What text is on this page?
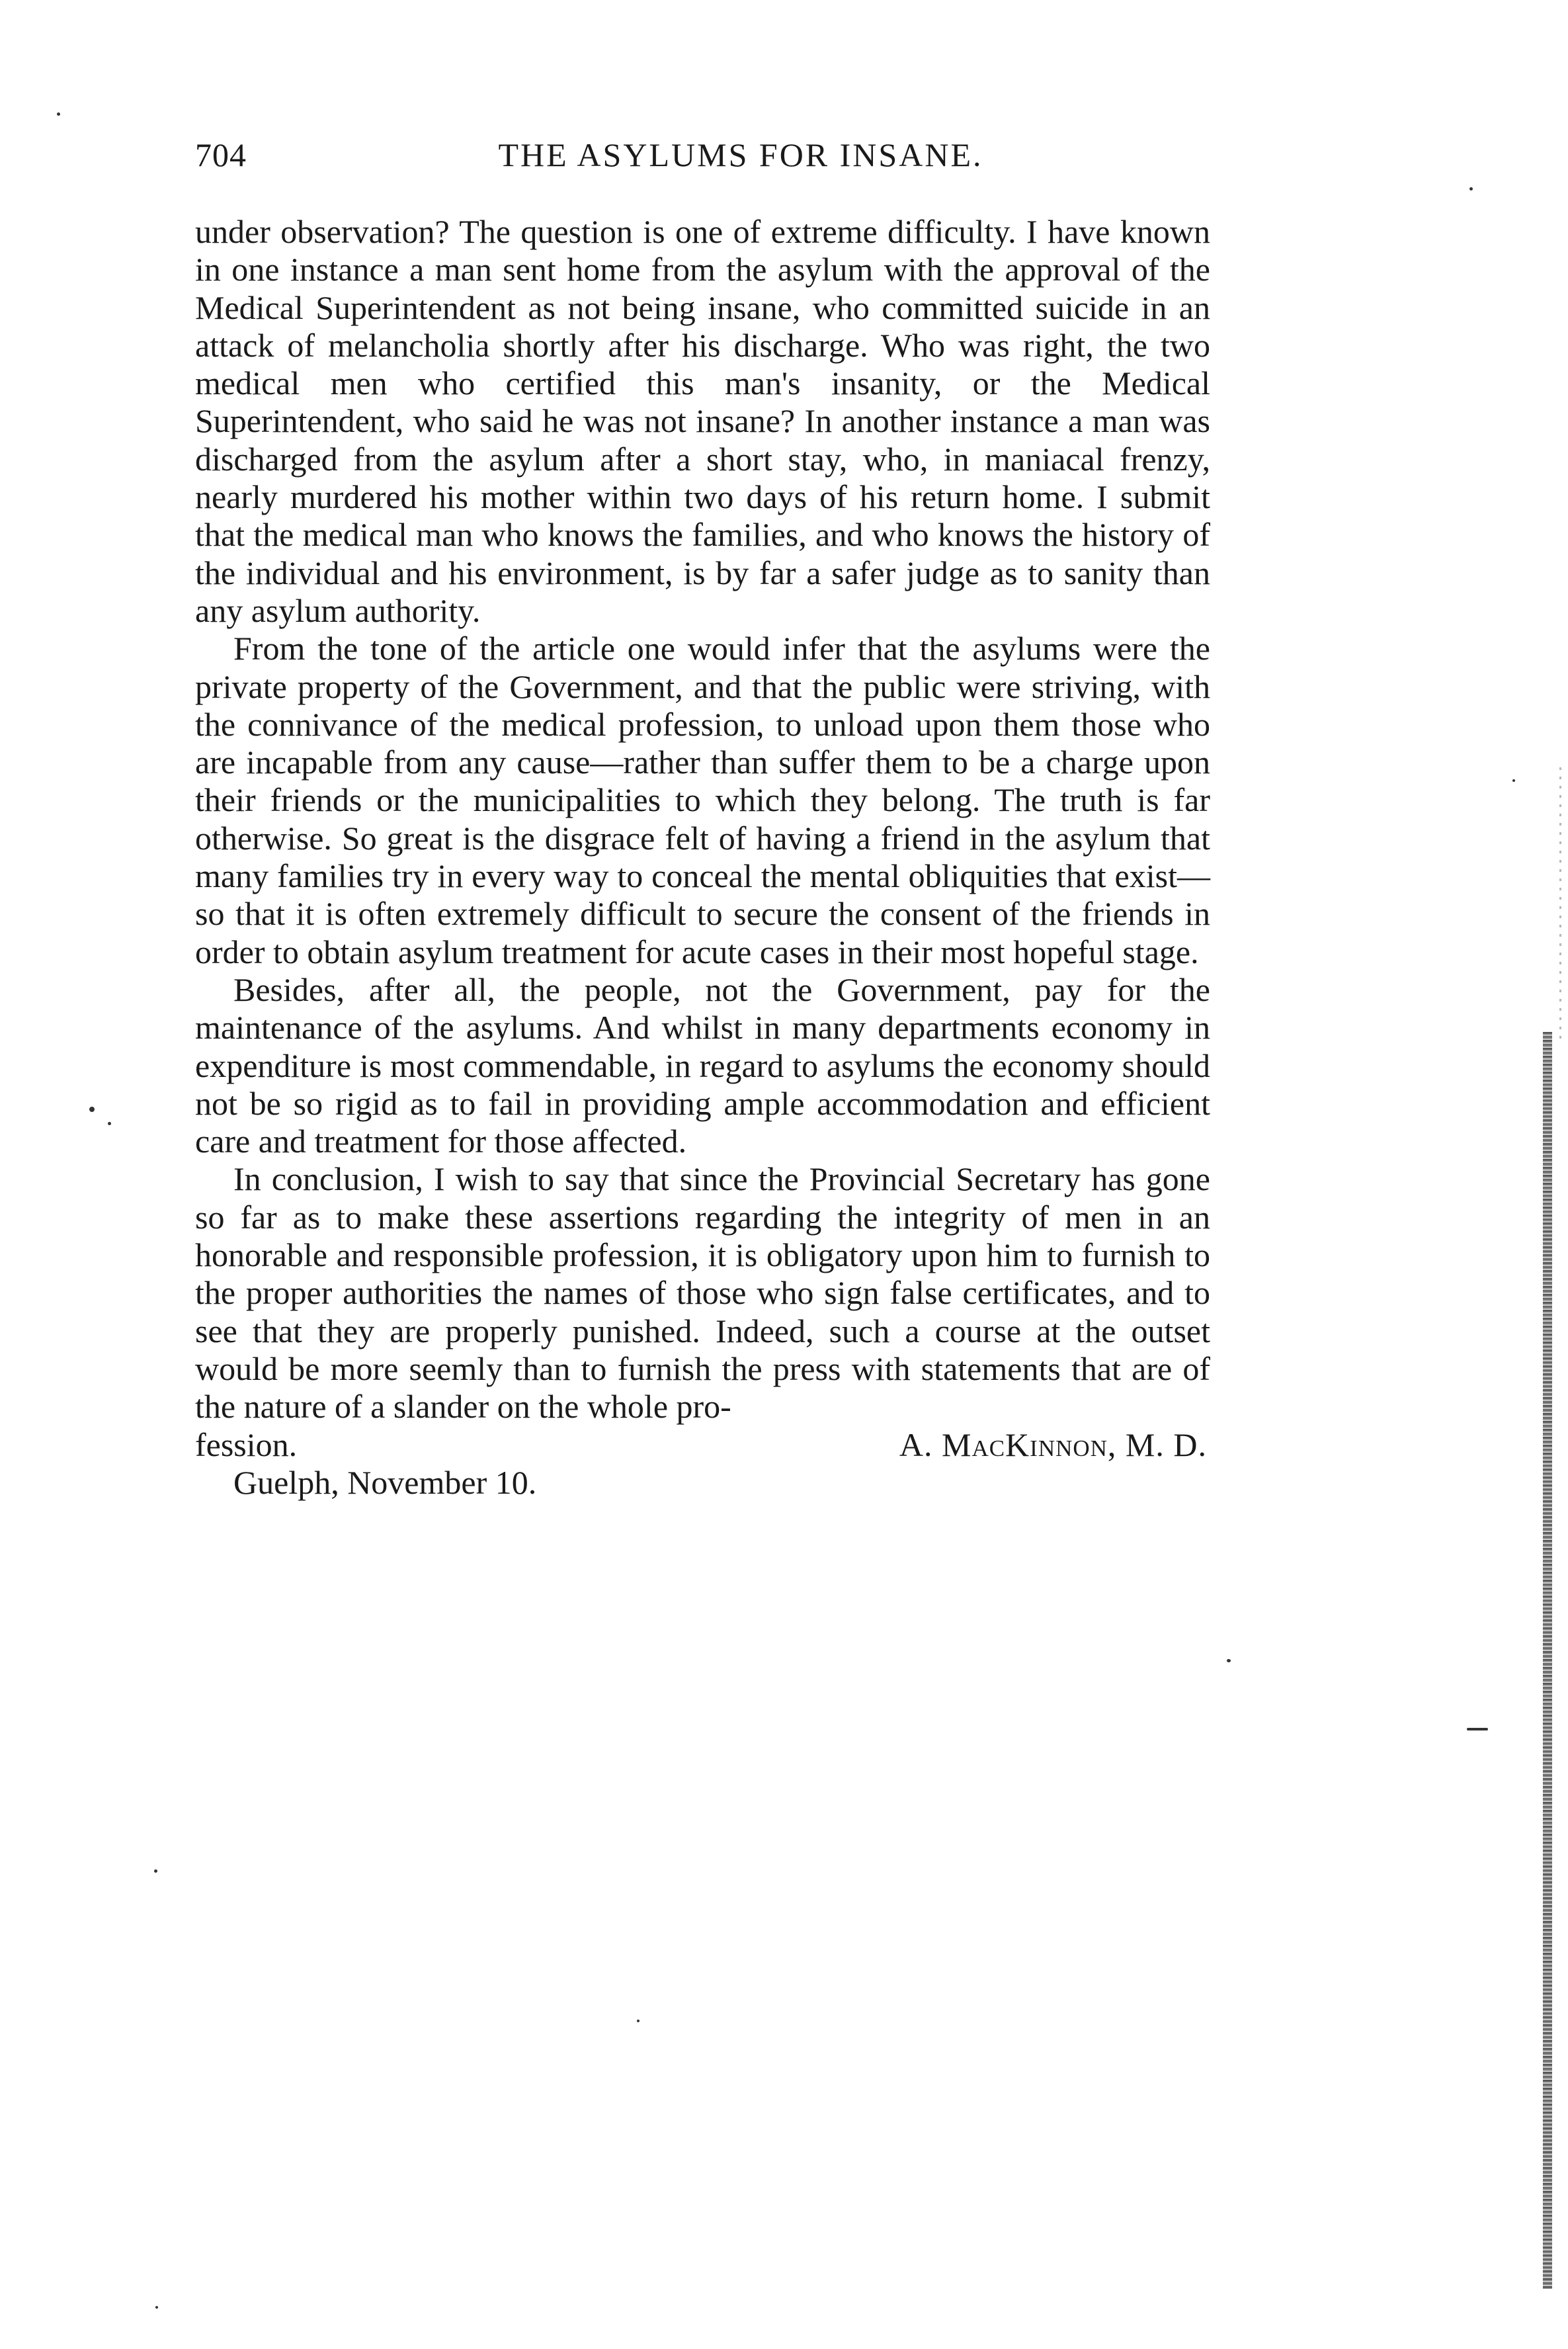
704	THE ASYLUMS FOR INSANE.

under observation? The question is one of extreme difficulty. I have known in one instance a man sent home from the asylum with the approval of the Medical Superintendent as not being insane, who committed suicide in an attack of melancholia shortly after his discharge. Who was right, the two medical men who certified this man's insanity, or the Medical Superintendent, who said he was not insane? In another instance a man was discharged from the asylum after a short stay, who, in maniacal frenzy, nearly murdered his mother within two days of his return home. I submit that the medical man who knows the families, and who knows the history of the individual and his environment, is by far a safer judge as to sanity than any asylum authority.

From the tone of the article one would infer that the asylums were the private property of the Government, and that the public were striving, with the connivance of the medical profession, to unload upon them those who are incapable from any cause—rather than suffer them to be a charge upon their friends or the municipalities to which they belong. The truth is far otherwise. So great is the disgrace felt of having a friend in the asylum that many families try in every way to conceal the mental obliquities that exist—so that it is often extremely difficult to secure the consent of the friends in order to obtain asylum treatment for acute cases in their most hopeful stage.

Besides, after all, the people, not the Government, pay for the maintenance of the asylums. And whilst in many departments economy in expenditure is most commendable, in regard to asylums the economy should not be so rigid as to fail in providing ample accommodation and efficient care and treatment for those affected.

In conclusion, I wish to say that since the Provincial Secretary has gone so far as to make these assertions regarding the integrity of men in an honorable and responsible profession, it is obligatory upon him to furnish to the proper authorities the names of those who sign false certificates, and to see that they are properly punished. Indeed, such a course at the outset would be more seemly than to furnish the press with statements that are of the nature of a slander on the whole pro-

fession.	A. MacKinnon, M. D.

Guelph, November 10.
